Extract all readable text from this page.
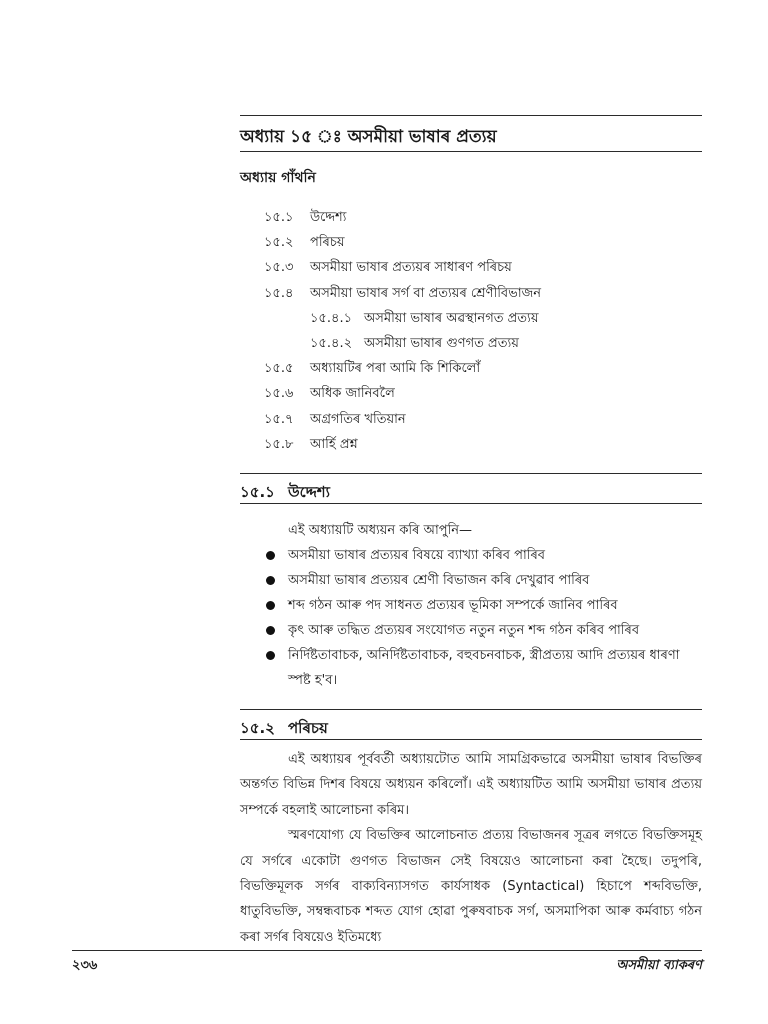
অধ্যায় ১৫ ঃ অসমীয়া ভাষাৰ প্ৰত্যয়
অধ্যায় গাঁথনি
১৫.১ উদ্দেশ্য
১৫.২ পৰিচয়
১৫.৩ অসমীয়া ভাষাৰ প্ৰত্যয়ৰ সাধাৰণ পৰিচয়
১৫.৪ অসমীয়া ভাষাৰ সৰ্গ বা প্ৰত্যয়ৰ শ্ৰেণীবিভাজন
১৫.৪.১ অসমীয়া ভাষাৰ অৱস্থানগত প্ৰত্যয়
১৫.৪.২ অসমীয়া ভাষাৰ গুণগত প্ৰত্যয়
১৫.৫ অধ্যায়টিৰ পৰা আমি কি শিকিলোঁ
১৫.৬ অধিক জানিবলৈ
১৫.৭ অগ্ৰগতিৰ খতিয়ান
১৫.৮ আৰ্হি প্ৰশ্ন
১৫.১ উদ্দেশ্য
এই অধ্যায়টি অধ্যয়ন কৰি আপুনি—
অসমীয়া ভাষাৰ প্ৰত্যয়ৰ বিষয়ে ব্যাখ্যা কৰিব পাৰিব
অসমীয়া ভাষাৰ প্ৰত্যয়ৰ শ্ৰেণী বিভাজন কৰি দেখুৱাব পাৰিব
শব্দ গঠন আৰু পদ সাধনত প্ৰত্যয়ৰ ভূমিকা সম্পৰ্কে জানিব পাৰিব
কৃৎ আৰু তদ্ধিত প্ৰত্যয়ৰ সংযোগত নতুন নতুন শব্দ গঠন কৰিব পাৰিব
নিৰ্দিষ্টতাবাচক, অনিৰ্দিষ্টতাবাচক, বহুবচনবাচক, স্ত্ৰীপ্ৰত্যয় আদি প্ৰত্যয়ৰ ধাৰণা স্পষ্ট হ'ব।
১৫.২ পৰিচয়

এই অধ্যায়ৰ পূৰ্ববৰ্তী অধ্যায়টোত আমি সামগ্ৰিকভাৱে অসমীয়া ভাষাৰ বিভক্তিৰ অন্তৰ্গত বিভিন্ন দিশৰ বিষয়ে অধ্যয়ন কৰিলোঁ। এই অধ্যায়টিত আমি অসমীয়া ভাষাৰ প্ৰত্যয় সম্পৰ্কে বহলাই আলোচনা কৰিম।

স্মৰণযোগ্য যে বিভক্তিৰ আলোচনাত প্ৰত্যয় বিভাজনৰ সূত্ৰৰ লগতে বিভক্তিসমূহ যে সৰ্গৰে একোটা গুণগত বিভাজন সেই বিষয়েও আলোচনা কৰা হৈছে। তদুপৰি, বিভক্তিমূলক সৰ্গৰ বাক্যবিন্যাসগত কাৰ্যসাধক (Syntactical) হিচাপে শব্দবিভক্তি, ধাতুবিভক্তি, সম্বন্ধবাচক শব্দত যোগ হোৱা পুৰুষবাচক সৰ্গ, অসমাপিকা আৰু কৰ্মবাচ্য গঠন কৰা সৰ্গৰ বিষয়েও ইতিমধ্যে

২৩৬	অসমীয়া ব্যাকৰণ
